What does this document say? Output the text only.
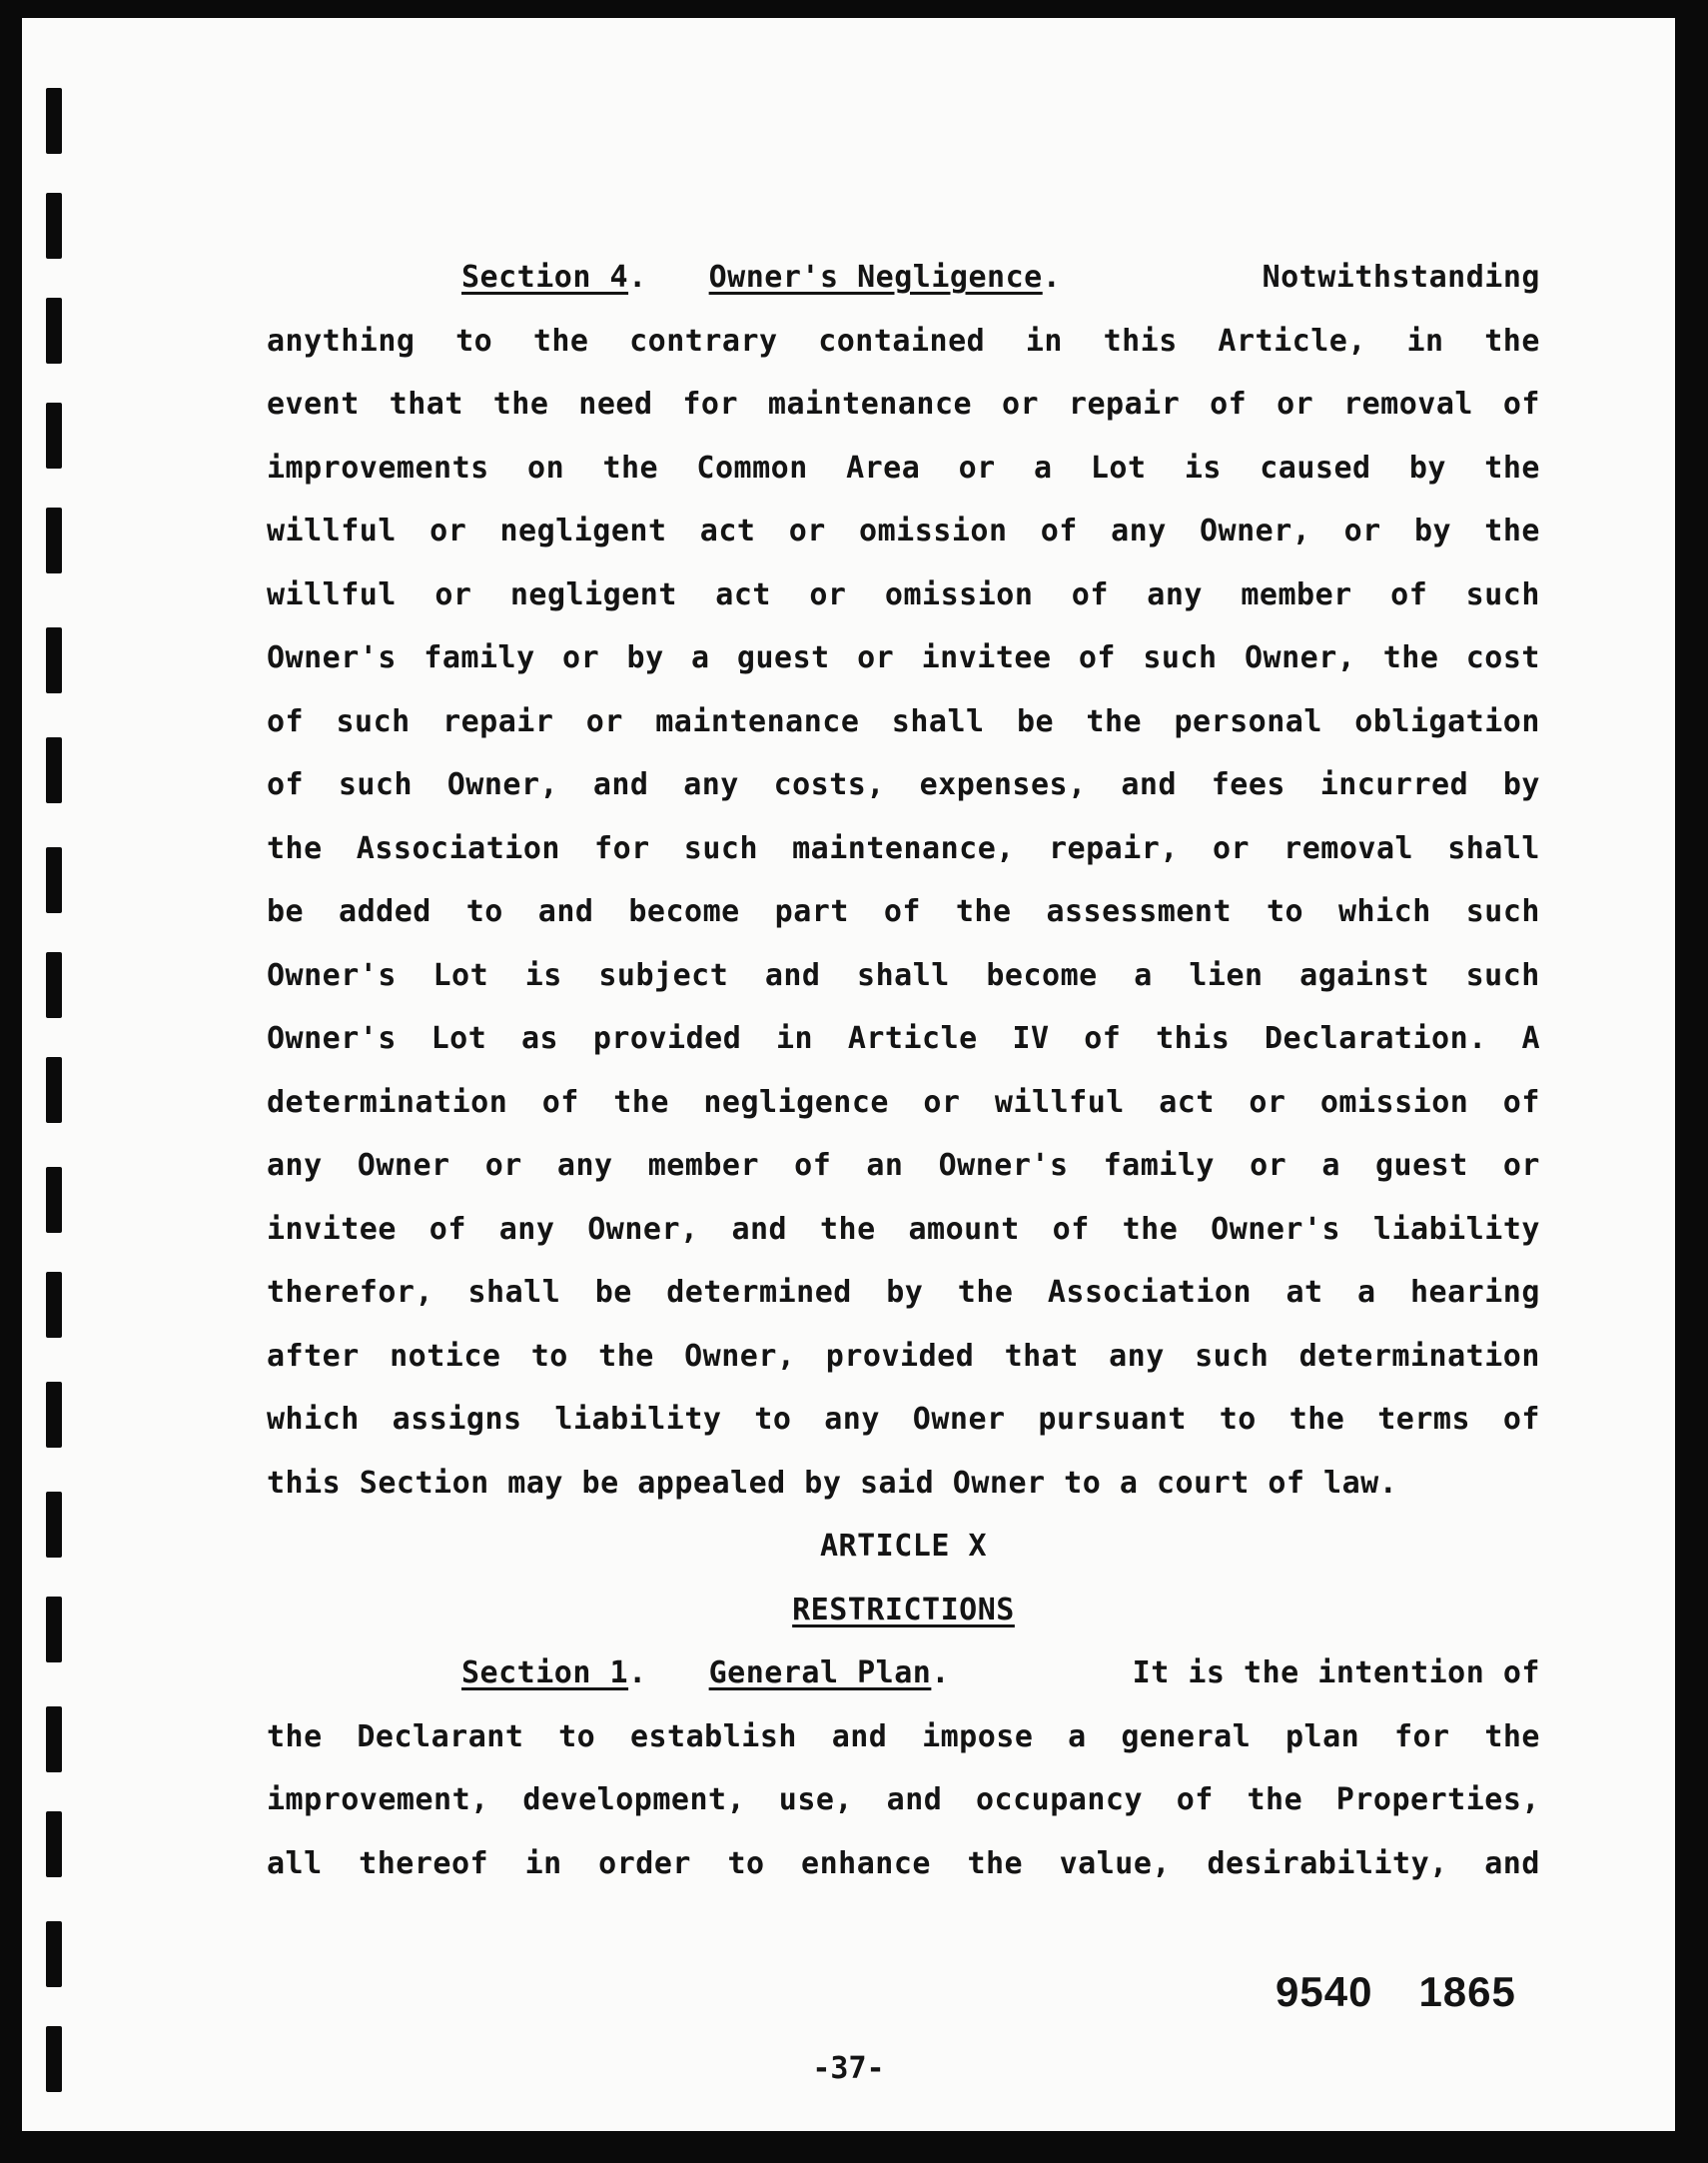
Section 4 . Owner's Negligence .	Notwithstanding
anything to the contrary contained in this Article, in the
event that the need for maintenance or repair of or removal of
improvements on the Common Area or a Lot is caused by the
willful or negligent act or omission of any Owner, or by the
willful or negligent act or omission of any member of such
Owner's family or by a guest or invitee of such Owner, the cost
of such repair or maintenance shall be the personal obligation
of such Owner, and any costs, expenses, and fees incurred by
the Association for such maintenance, repair, or removal shall
be added to and become part of the assessment to which such
Owner's Lot is subject and shall become a lien against such
Owner's Lot as provided in Article IV of this Declaration. A
determination of the negligence or willful act or omission of
any Owner or any member of an Owner's family or a guest or
invitee of any Owner, and the amount of the Owner's liability
therefor, shall be determined by the Association at a hearing
after notice to the Owner, provided that any such determination
which assigns liability to any Owner pursuant to the terms of
this Section may be appealed by said Owner to a court of law.
ARTICLE X
RESTRICTIONS
Section 1 . General Plan .	It is the intention of
the Declarant to establish and impose a general plan for the
improvement, development, use, and occupancy of the Properties,
all thereof in order to enhance the value, desirability, and
9540 1865
-37-
